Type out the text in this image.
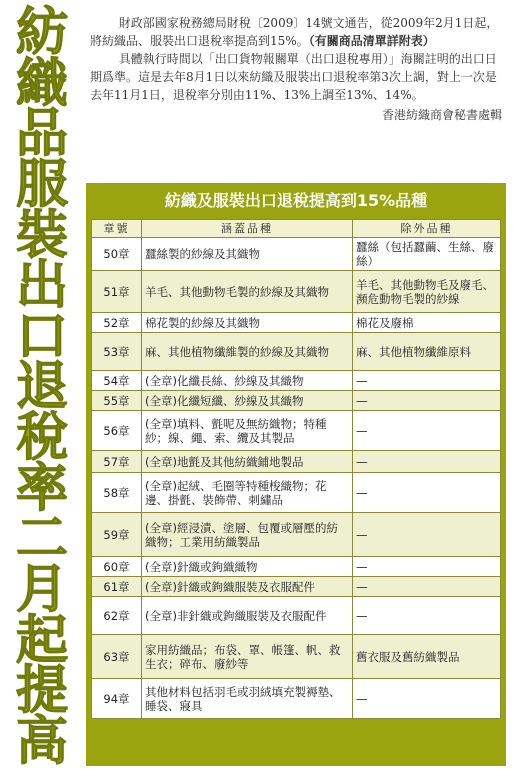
紡
織
品
服
裝
出
口
退
稅
率
二
月
起
提
高

財政部國家稅務總局財稅〔2009〕14號文通告，從2009年2月1日起，將紡織品、服裝出口退稅率提高到15%。（有關商品清單詳附表）

具體執行時間以「出口貨物報關單（出口退稅專用）」海關註明的出口日期爲準。這是去年8月1日以來紡織及服裝出口退稅率第3次上調，對上一次是去年11月1日，退稅率分別由11%、13%上調至13%、14%。

香港紡織商會秘書處輯
紡織及服裝出口退稅提高到15%品種
章號	涵蓋品種	除外品種
50章	蠶絲製的紗線及其織物	蠶絲（包括蠶繭、生絲、廢絲）
51章	羊毛、其他動物毛製的紗線及其織物	羊毛、其他動物毛及廢毛、瀕危動物毛製的紗線
52章	棉花製的紗線及其織物	棉花及廢棉
53章	麻、其他植物纖維製的紗線及其織物	麻、其他植物纖維原料
54章	(全章)化纖長絲、紗線及其織物	—
55章	(全章)化纖短纖、紗線及其織物	—
56章	(全章)填料、氈呢及無紡織物；特種紗；線、繩、索、纜及其製品	—
57章	(全章)地氈及其他紡織鋪地製品	—
58章	(全章)起絨、毛圈等特種梭織物；花邊、掛氈、裝飾帶、刺繡品	—
59章	(全章)經浸漬、塗層、包覆或層壓的紡織物；工業用紡織製品	—
60章	(全章)針織或鉤織織物	—
61章	(全章)針織或鉤織服裝及衣服配件	—
62章	(全章)非針織或鉤織服裝及衣服配件	—
63章	家用紡織品；布袋、罩、帳篷、帆、救生衣；碎布、廢紗等	舊衣服及舊紡織製品
94章	其他材料包括羽毛或羽絨填充製褥墊、睡袋、寢具	—
